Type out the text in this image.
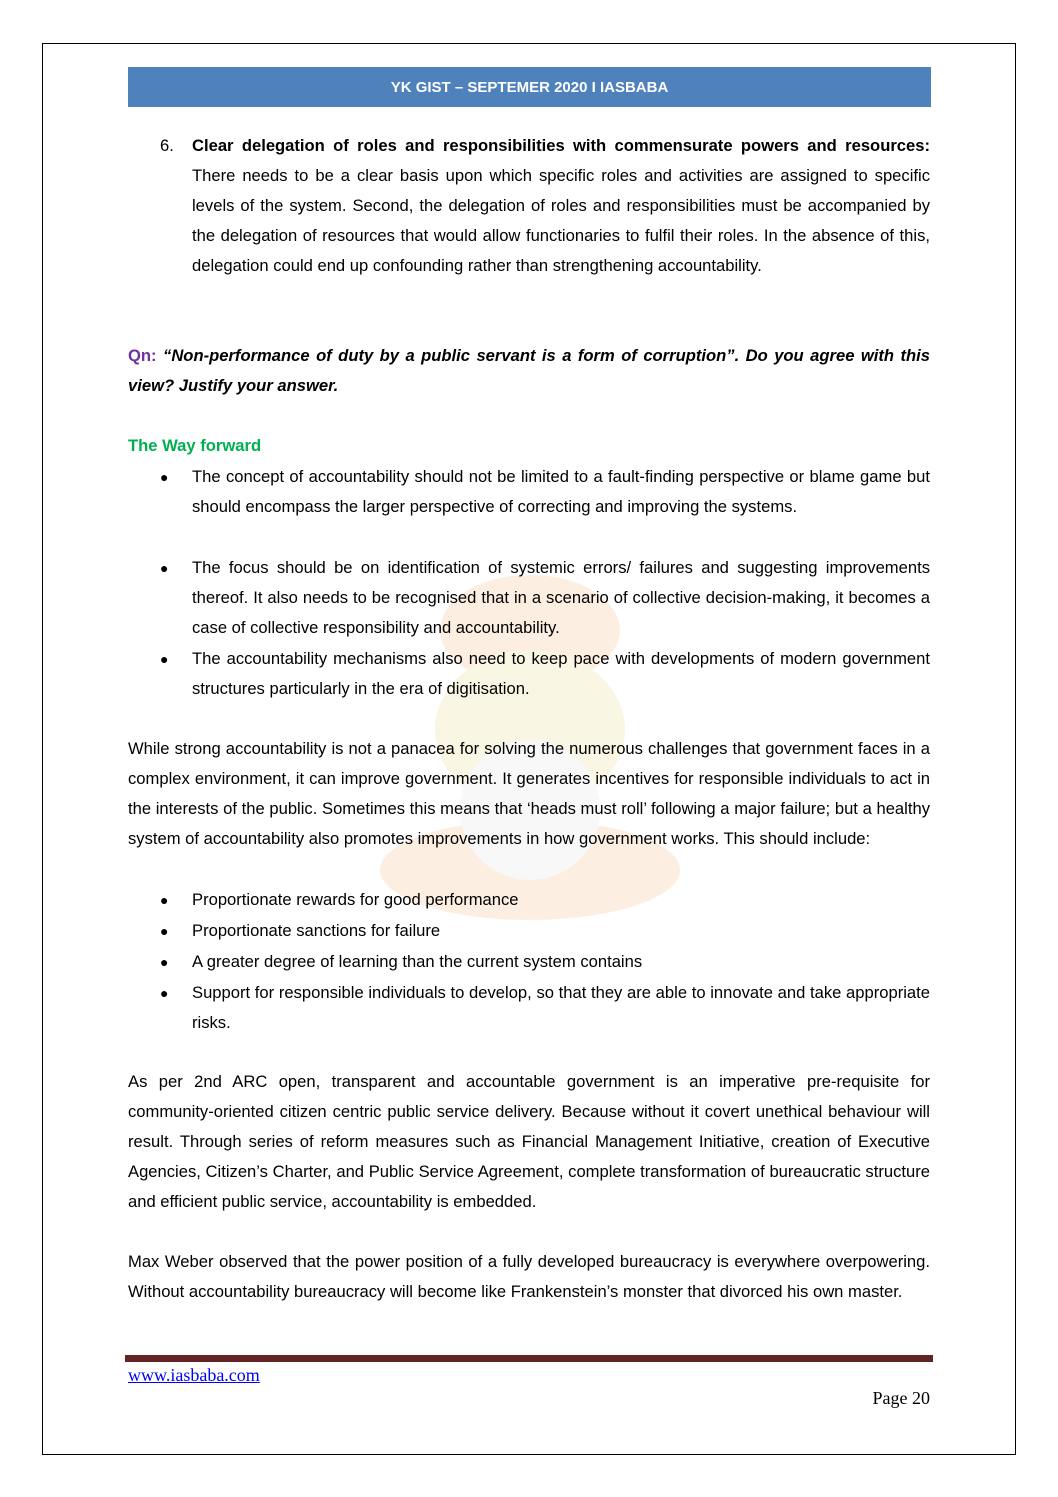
YK GIST – SEPTEMER 2020 I IASBABA
6. Clear delegation of roles and responsibilities with commensurate powers and resources: There needs to be a clear basis upon which specific roles and activities are assigned to specific levels of the system. Second, the delegation of roles and responsibilities must be accompanied by the delegation of resources that would allow functionaries to fulfil their roles. In the absence of this, delegation could end up confounding rather than strengthening accountability.
Qn: “Non-performance of duty by a public servant is a form of corruption”. Do you agree with this view? Justify your answer.
The Way forward
● The concept of accountability should not be limited to a fault-finding perspective or blame game but should encompass the larger perspective of correcting and improving the systems.
● The focus should be on identification of systemic errors/ failures and suggesting improvements thereof. It also needs to be recognised that in a scenario of collective decision-making, it becomes a case of collective responsibility and accountability.
● The accountability mechanisms also need to keep pace with developments of modern government structures particularly in the era of digitisation.
While strong accountability is not a panacea for solving the numerous challenges that government faces in a complex environment, it can improve government. It generates incentives for responsible individuals to act in the interests of the public. Sometimes this means that ‘heads must roll’ following a major failure; but a healthy system of accountability also promotes improvements in how government works. This should include:
● Proportionate rewards for good performance
● Proportionate sanctions for failure
● A greater degree of learning than the current system contains
● Support for responsible individuals to develop, so that they are able to innovate and take appropriate risks.
As per 2nd ARC open, transparent and accountable government is an imperative pre-requisite for community-oriented citizen centric public service delivery. Because without it covert unethical behaviour will result. Through series of reform measures such as Financial Management Initiative, creation of Executive Agencies, Citizen’s Charter, and Public Service Agreement, complete transformation of bureaucratic structure and efficient public service, accountability is embedded.
Max Weber observed that the power position of a fully developed bureaucracy is everywhere overpowering. Without accountability bureaucracy will become like Frankenstein’s monster that divorced his own master.
www.iasbaba.com
Page 20
